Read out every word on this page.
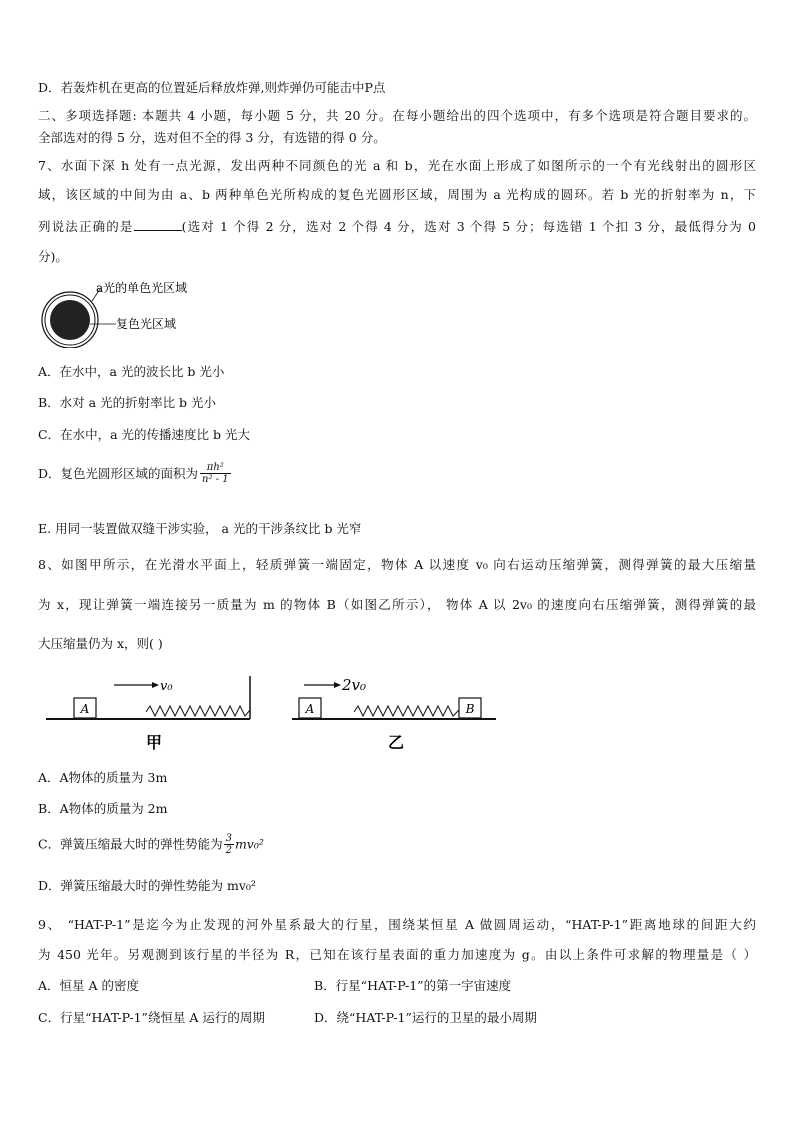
D．若轰炸机在更高的位置延后释放炸弹,则炸弹仍可能击中P点
二、多项选择题: 本题共 4 小题，每小题 5 分，共 20 分。在每小题给出的四个选项中，有多个选项是符合题目要求的。
全部选对的得 5 分，选对但不全的得 3 分，有选错的得 0 分。
7、水面下深 h 处有一点光源，发出两种不同颜色的光 a 和 b，光在水面上形成了如图所示的一个有光线射出的圆形区
域，该区域的中间为由 a、b 两种单色光所构成的复色光圆形区域，周围为 a 光构成的圆环。若 b 光的折射率为 n，下
列说法正确的是	(选对 1 个得 2 分，选对 2 个得 4 分，选对 3 个得 5 分；每选错 1 个扣 3 分，最低得分为 0
分)。
a光的单色光区域
复色光区域
A．在水中，a 光的波长比 b 光小
B．水对 a 光的折射率比 b 光小
C．在水中，a 光的传播速度比 b 光大
D．复色光圆形区域的面积为 $\frac{\text{πh²}}{\text{n² - 1}}$
E. 用同一装置做双缝干涉实验， a 光的干涉条纹比 b 光窄
8、如图甲所示，在光滑水平面上，轻质弹簧一端固定，物体 A 以速度 v₀ 向右运动压缩弹簧，测得弹簧的最大压缩量
为 x，现让弹簧一端连接另一质量为 m 的物体 B（如图乙所示）， 物体 A 以 2v₀ 的速度向右压缩弹簧，测得弹簧的最
大压缩量仍为 x，则( )
A
v₀
甲
A	B
2v₀
乙
A．A物体的质量为 3m
B．A物体的质量为 2m
C．弹簧压缩最大时的弹性势能为 $\frac{3}{2} mv_0^2$
D．弹簧压缩最大时的弹性势能为 mv₀²
9、 “HAT-P-1”是迄今为止发现的河外星系最大的行星，围绕某恒星 A 做圆周运动，“HAT-P-1”距离地球的间距大约
为 450 光年。另观测到该行星的半径为 R，已知在该行星表面的重力加速度为 g。由以上条件可求解的物理量是（ ）
A．恒星 A 的密度	B．行星“HAT-P-1”的第一宇宙速度
C．行星“HAT-P-1”绕恒星 A 运行的周期	D．绕“HAT-P-1”运行的卫星的最小周期
